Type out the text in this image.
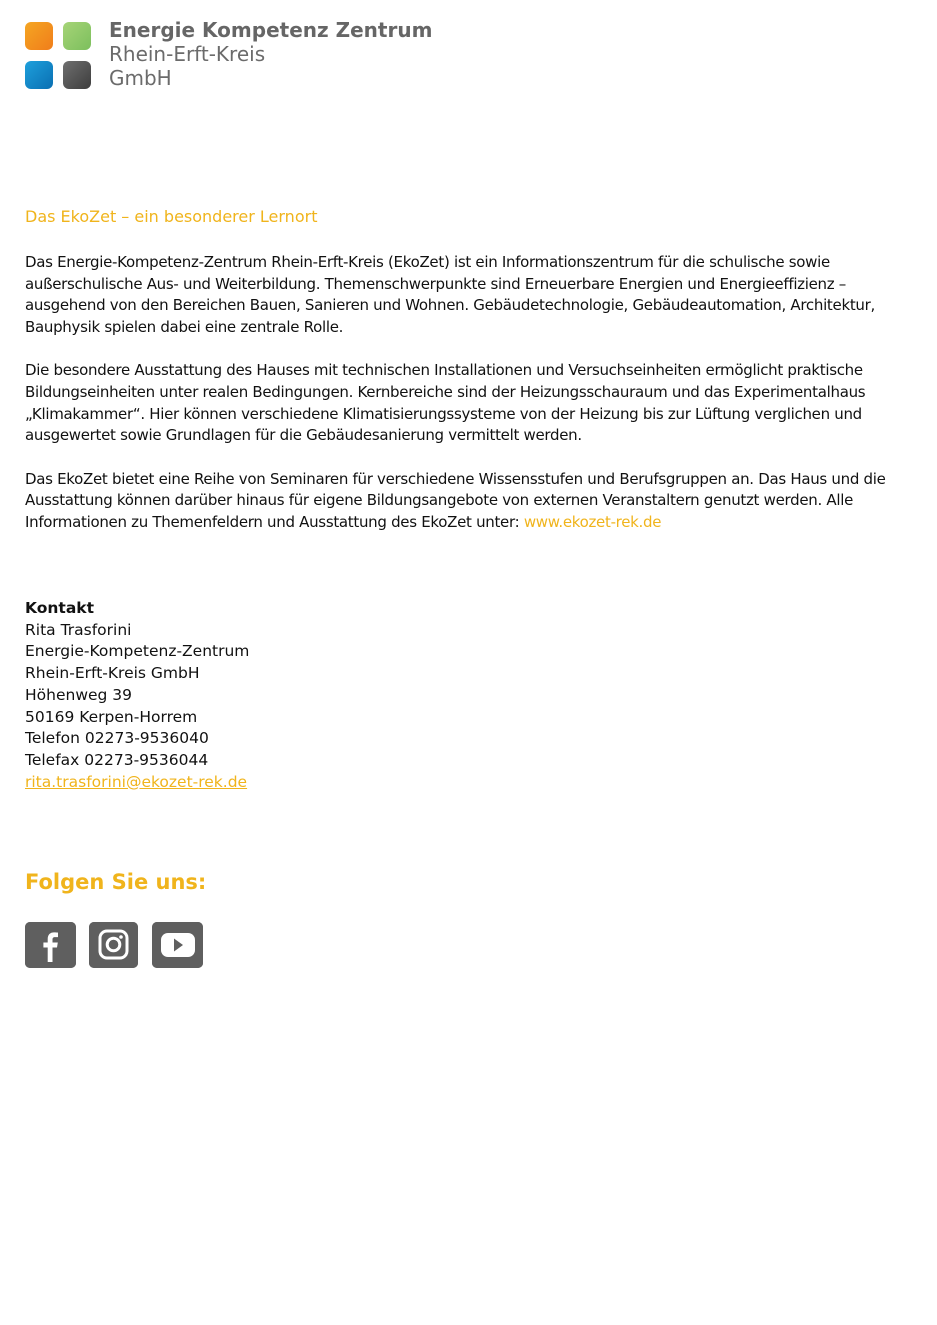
Energie Kompetenz Zentrum
Rhein-Erft-Kreis
GmbH
Das EkoZet – ein besonderer Lernort

Das Energie-Kompetenz-Zentrum Rhein-Erft-Kreis (EkoZet) ist ein Informationszentrum für die schulische sowie außerschulische Aus- und Weiterbildung. Themenschwerpunkte sind Erneuerbare Energien und Energieeffizienz – ausgehend von den Bereichen Bauen, Sanieren und Wohnen. Gebäudetechnologie, Gebäudeautomation, Architektur, Bauphysik spielen dabei eine zentrale Rolle.

Die besondere Ausstattung des Hauses mit technischen Installationen und Versuchseinheiten ermöglicht praktische Bildungseinheiten unter realen Bedingungen. Kernbereiche sind der Heizungsschauraum und das Experimentalhaus „Klimakammer“. Hier können verschiedene Klimatisierungssysteme von der Heizung bis zur Lüftung verglichen und ausgewertet sowie Grundlagen für die Gebäudesanierung vermittelt werden.

Das EkoZet bietet eine Reihe von Seminaren für verschiedene Wissensstufen und Berufsgruppen an. Das Haus und die Ausstattung können darüber hinaus für eigene Bildungsangebote von externen Veranstaltern genutzt werden. Alle Informationen zu Themenfeldern und Ausstattung des EkoZet unter: www.ekozet-rek.de

Kontakt
Rita Trasforini
Energie-Kompetenz-Zentrum
Rhein-Erft-Kreis GmbH
Höhenweg 39
50169 Kerpen-Horrem
Telefon 02273-9536040
Telefax 02273-9536044
rita.trasforini@ekozet-rek.de
Folgen Sie uns:
